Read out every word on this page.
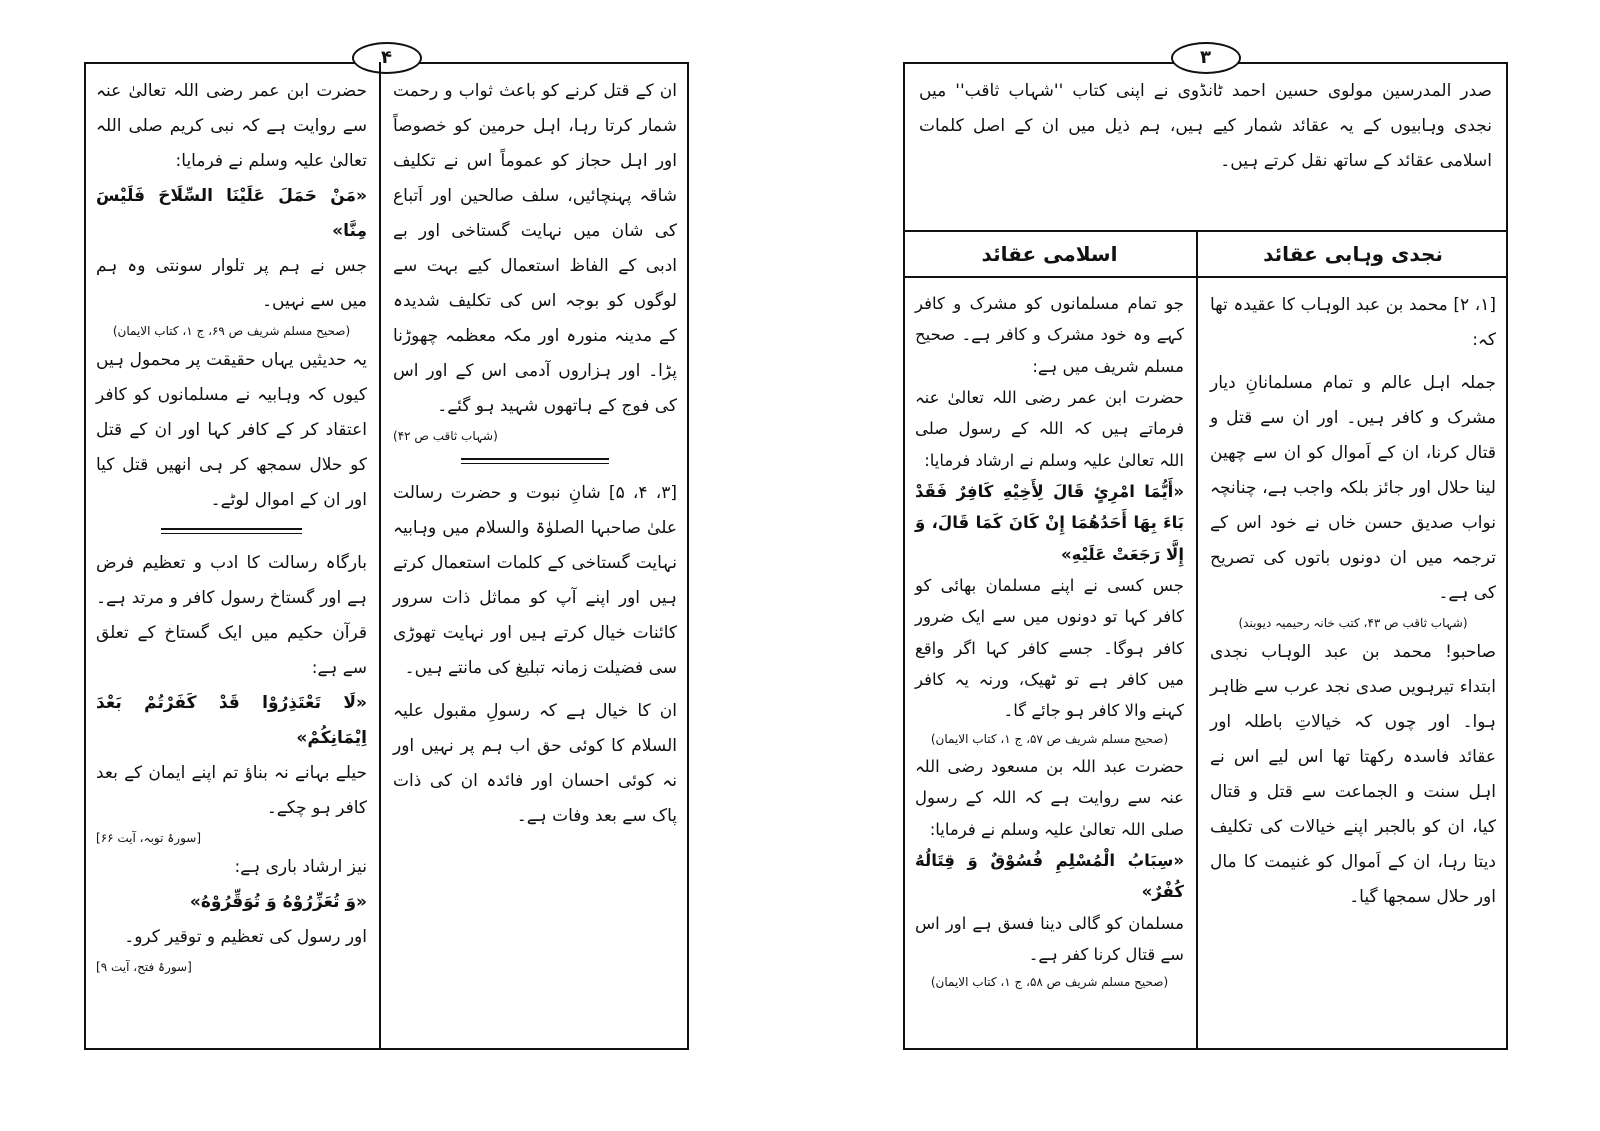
۴

ان کے قتل کرنے کو باعث ثواب و رحمت شمار کرتا رہا، اہل حرمین کو خصوصاً اور اہل حجاز کو عموماً اس نے تکلیف شاقہ پہنچائیں، سلف صالحین اور اَتباع کی شان میں نہایت گستاخی اور بے ادبی کے الفاظ استعمال کیے بہت سے لوگوں کو بوجہ اس کی تکلیف شدیدہ کے مدینہ منورہ اور مکہ معظمہ چھوڑنا پڑا۔ اور ہزاروں آدمی اس کے اور اس کی فوج کے ہاتھوں شہید ہو گئے۔

(شہاب ثاقب ص ۴۲)

[۳، ۴، ۵] شانِ نبوت و حضرت رسالت علیٰ صاحبہا الصلوٰۃ والسلام میں وہابیہ نہایت گستاخی کے کلمات استعمال کرتے ہیں اور اپنے آپ کو مماثل ذات سرور کائنات خیال کرتے ہیں اور نہایت تھوڑی سی فضیلت زمانہ تبلیغ کی مانتے ہیں۔

ان کا خیال ہے کہ رسولِ مقبول علیہ السلام کا کوئی حق اب ہم پر نہیں اور نہ کوئی احسان اور فائدہ ان کی ذات پاک سے بعد وفات ہے۔

حضرت ابن عمر رضی اللہ تعالیٰ عنہ سے روایت ہے کہ نبی کریم صلی اللہ تعالیٰ علیہ وسلم نے فرمایا:

«مَنْ حَمَلَ عَلَيْنَا السِّلَاحَ فَلَيْسَ مِنَّا»

جس نے ہم پر تلوار سونتی وہ ہم میں سے نہیں۔

(صحیح مسلم شریف ص ۶۹، ج ۱، کتاب الایمان)

یہ حدیثیں یہاں حقیقت پر محمول ہیں کیوں کہ وہابیہ نے مسلمانوں کو کافر اعتقاد کر کے کافر کہا اور ان کے قتل کو حلال سمجھ کر ہی انھیں قتل کیا اور ان کے اموال لوٹے۔

بارگاہ رسالت کا ادب و تعظیم فرض ہے اور گستاخ رسول کافر و مرتد ہے۔ قرآن حکیم میں ایک گستاخ کے تعلق سے ہے:

«لَا تَعْتَذِرُوْا قَدْ كَفَرْتُمْ بَعْدَ اِيْمَانِكُمْ»

حیلے بہانے نہ بناؤ تم اپنے ایمان کے بعد کافر ہو چکے۔

[سورۂ توبہ، آیت ۶۶]

نیز ارشاد باری ہے:

«وَ تُعَزِّرُوْهُ وَ تُوَقِّرُوْهُ»

اور رسول کی تعظیم و توقیر کرو۔

[سورۂ فتح، آیت ۹]

۳

صدر المدرسین مولوی حسین احمد ٹانڈوی نے اپنی کتاب ''شہاب ثاقب'' میں نجدی وہابیوں کے یہ عقائد شمار کیے ہیں، ہم ذیل میں ان کے اصل کلمات اسلامی عقائد کے ساتھ نقل کرتے ہیں۔

نجدی وہابی عقائد
اسلامی عقائد

[۱، ۲] محمد بن عبد الوہاب کا عقیدہ تھا کہ:

جملہ اہل عالم و تمام مسلمانانِ دیار مشرک و کافر ہیں۔ اور ان سے قتل و قتال کرنا، ان کے اَموال کو ان سے چھین لینا حلال اور جائز بلکہ واجب ہے، چنانچہ نواب صدیق حسن خاں نے خود اس کے ترجمہ میں ان دونوں باتوں کی تصریح کی ہے۔

(شہاب ثاقب ص ۴۳، کتب خانہ رحیمیہ دیوبند)

صاحبو! محمد بن عبد الوہاب نجدی ابتداء تیرہویں صدی نجد عرب سے ظاہر ہوا۔ اور چوں کہ خیالاتِ باطلہ اور عقائد فاسدہ رکھتا تھا اس لیے اس نے اہل سنت و الجماعت سے قتل و قتال کیا، ان کو بالجبر اپنے خیالات کی تکلیف دیتا رہا، ان کے اَموال کو غنیمت کا مال اور حلال سمجھا گیا۔

جو تمام مسلمانوں کو مشرک و کافر کہے وہ خود مشرک و کافر ہے۔ صحیح مسلم شریف میں ہے:

حضرت ابن عمر رضی اللہ تعالیٰ عنہ فرماتے ہیں کہ اللہ کے رسول صلی اللہ تعالیٰ علیہ وسلم نے ارشاد فرمایا:

«أَيُّمَا امْرِئٍ قَالَ لِأَخِيْهِ كَافِرٌ فَقَدْ بَاءَ بِهَا أَحَدُهُمَا إِنْ كَانَ كَمَا قَالَ، وَ إِلَّا رَجَعَتْ عَلَيْهِ»

جس کسی نے اپنے مسلمان بھائی کو کافر کہا تو دونوں میں سے ایک ضرور کافر ہوگا۔ جسے کافر کہا اگر واقع میں کافر ہے تو ٹھیک، ورنہ یہ کافر کہنے والا کافر ہو جائے گا۔

(صحیح مسلم شریف ص ۵۷، ج ۱، کتاب الایمان)

حضرت عبد اللہ بن مسعود رضی اللہ عنہ سے روایت ہے کہ اللہ کے رسول صلی اللہ تعالیٰ علیہ وسلم نے فرمایا:

«سِبَابُ الْمُسْلِمِ فُسُوْقٌ وَ قِتَالُهُ كُفْرٌ»

مسلمان کو گالی دینا فسق ہے اور اس سے قتال کرنا کفر ہے۔

(صحیح مسلم شریف ص ۵۸، ج ۱، کتاب الایمان)
